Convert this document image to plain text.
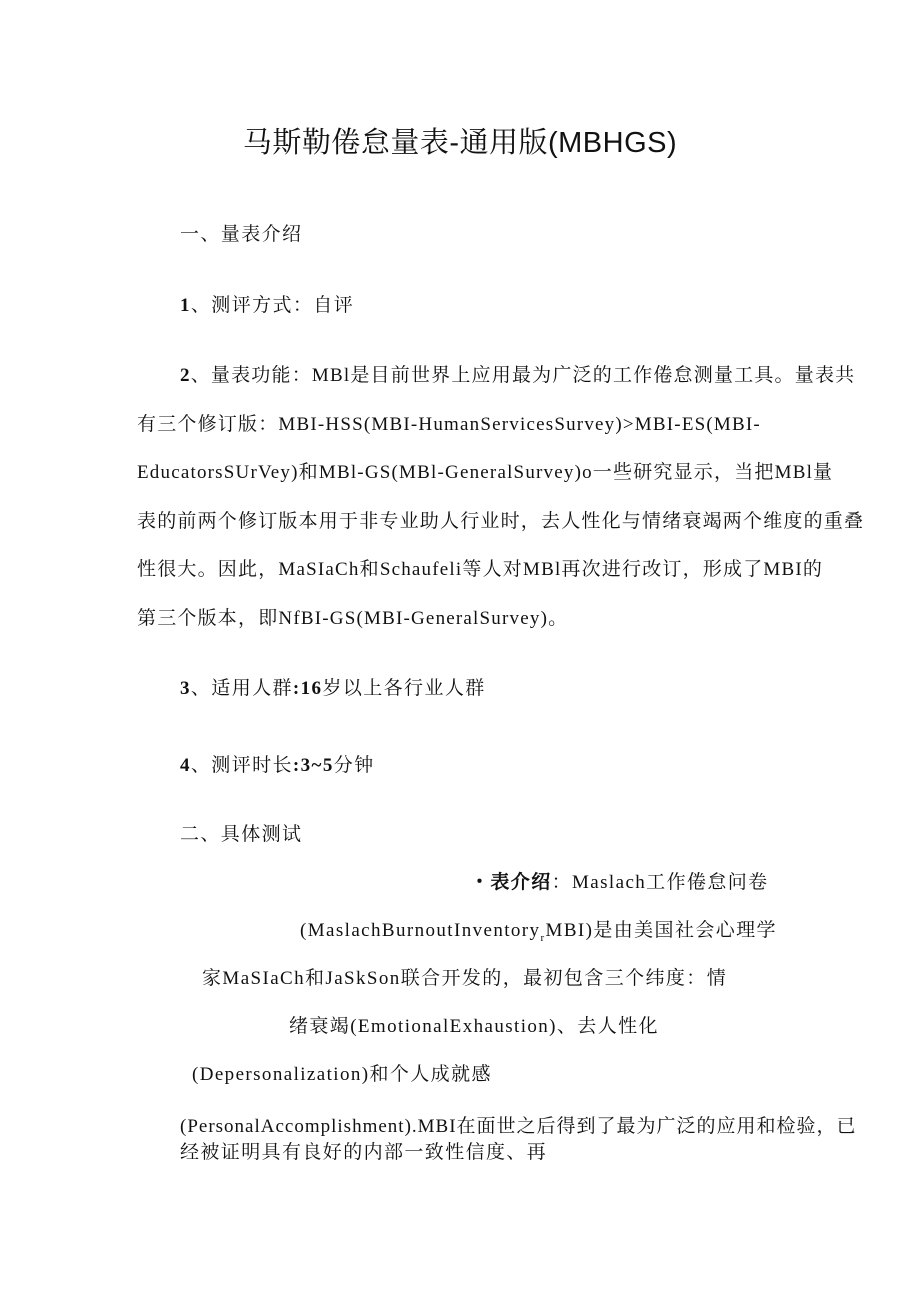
马斯勒倦怠量表-通用版(MBHGS)
一、量表介绍
1、测评方式：自评
2、量表功能：MBl是目前世界上应用最为广泛的工作倦怠测量工具。量表共
有三个修订版：MBI-HSS(MBI-HumanServicesSurvey)>MBI-ES(MBI-
EducatorsSUrVey)和MBl-GS(MBl-GeneralSurvey)o一些研究显示，当把MBl量
表的前两个修订版本用于非专业助人行业时，去人性化与情绪衰竭两个维度的重叠
性很大。因此，MaSIaCh和Schaufeli等人对MBl再次进行改订，形成了MBI的
第三个版本，即NfBI-GS(MBI-GeneralSurvey)。
3、适用人群:16岁以上各行业人群
4、测评时长:3~5分钟
二、具体测试
・表介绍：Maslach工作倦怠问卷
(MaslachBurnoutInventory$_r$MBI)是由美国社会心理学
家MaSIaCh和JaSkSon联合开发的，最初包含三个纬度：情
绪衰竭(EmotionalExhaustion)、去人性化
(Depersonalization)和个人成就感
(PersonalAccomplishment).MBI在面世之后得到了最为广泛的应用和检验，已
经被证明具有良好的内部一致性信度、再
